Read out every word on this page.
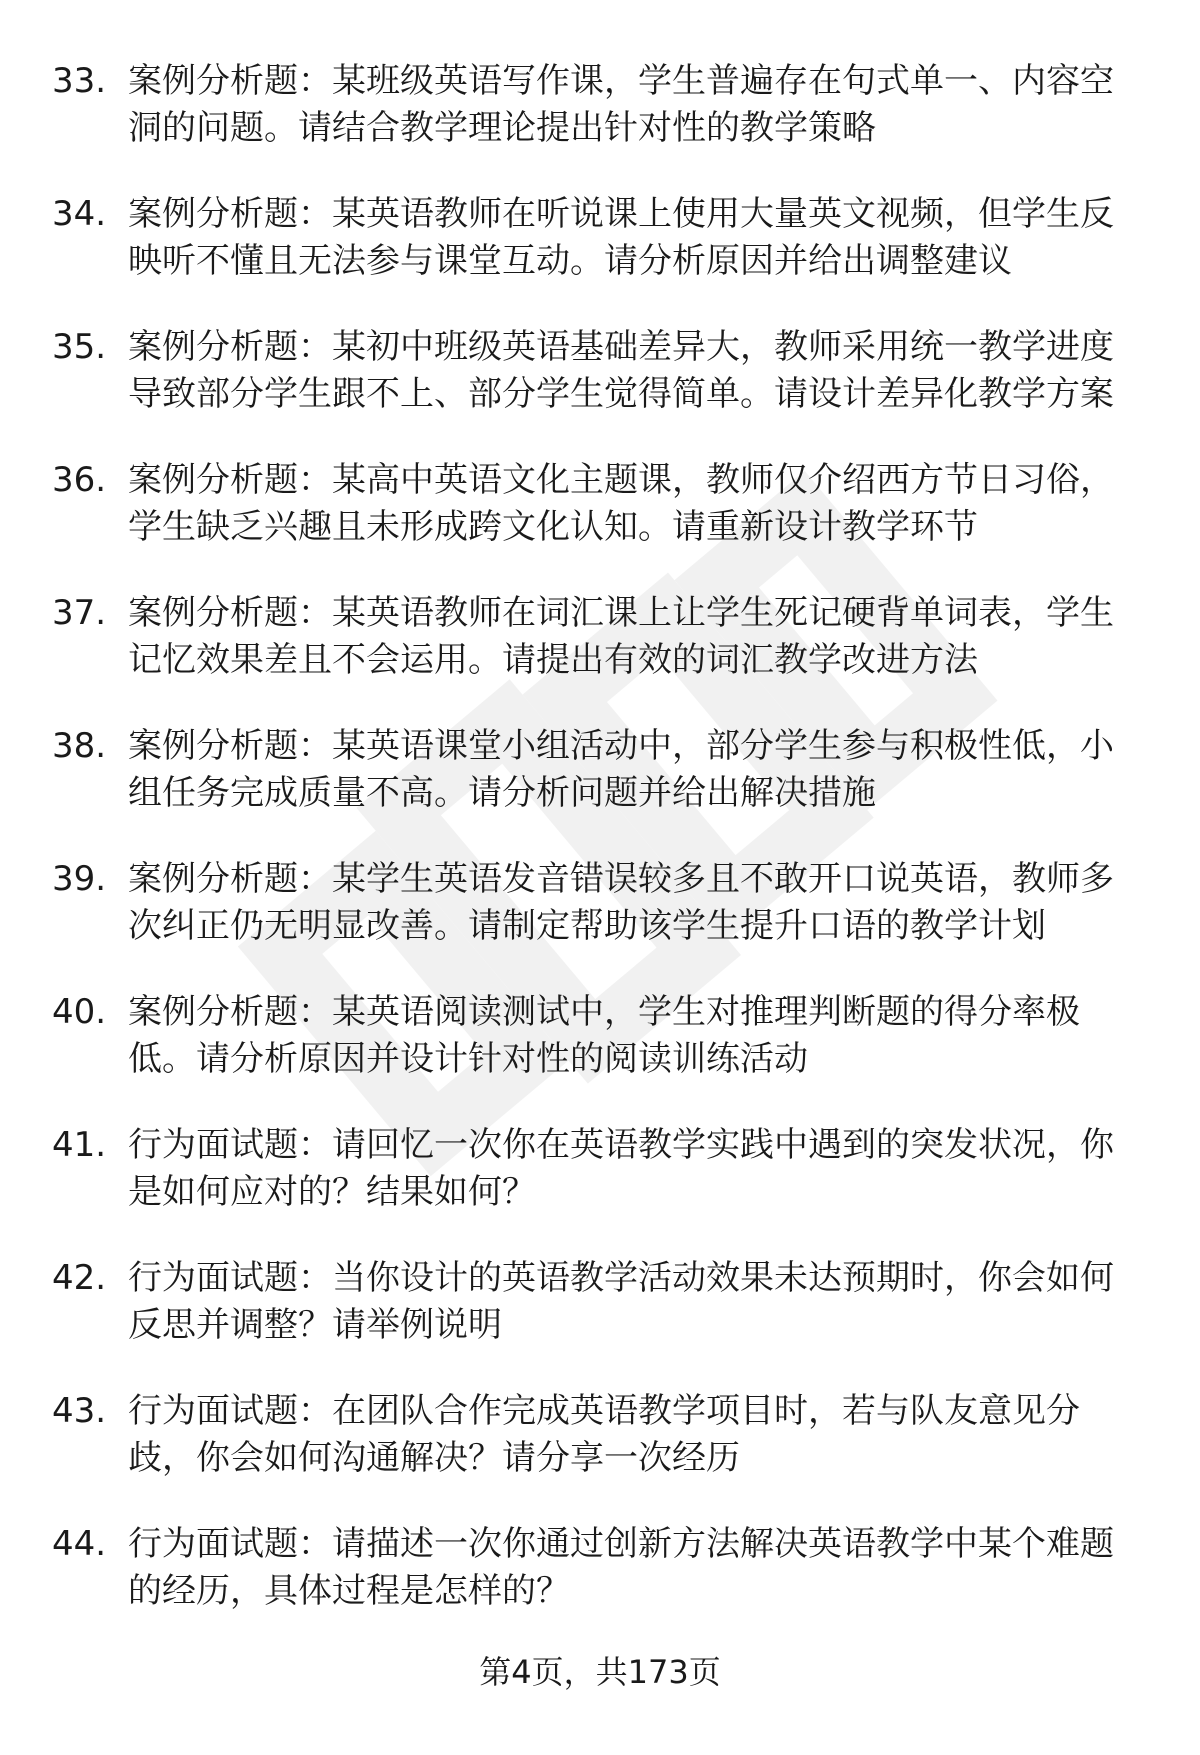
33. 案例分析题：某班级英语写作课，学生普遍存在句式单一、内容空洞的问题。请结合教学理论提出针对性的教学策略
34. 案例分析题：某英语教师在听说课上使用大量英文视频，但学生反映听不懂且无法参与课堂互动。请分析原因并给出调整建议
35. 案例分析题：某初中班级英语基础差异大，教师采用统一教学进度导致部分学生跟不上、部分学生觉得简单。请设计差异化教学方案
36. 案例分析题：某高中英语文化主题课，教师仅介绍西方节日习俗，学生缺乏兴趣且未形成跨文化认知。请重新设计教学环节
37. 案例分析题：某英语教师在词汇课上让学生死记硬背单词表，学生记忆效果差且不会运用。请提出有效的词汇教学改进方法
38. 案例分析题：某英语课堂小组活动中，部分学生参与积极性低，小组任务完成质量不高。请分析问题并给出解决措施
39. 案例分析题：某学生英语发音错误较多且不敢开口说英语，教师多次纠正仍无明显改善。请制定帮助该学生提升口语的教学计划
40. 案例分析题：某英语阅读测试中，学生对推理判断题的得分率极低。请分析原因并设计针对性的阅读训练活动
41. 行为面试题：请回忆一次你在英语教学实践中遇到的突发状况，你是如何应对的？结果如何？
42. 行为面试题：当你设计的英语教学活动效果未达预期时，你会如何反思并调整？请举例说明
43. 行为面试题：在团队合作完成英语教学项目时，若与队友意见分歧，你会如何沟通解决？请分享一次经历
44. 行为面试题：请描述一次你通过创新方法解决英语教学中某个难题的经历，具体过程是怎样的？
第4页，共173页
